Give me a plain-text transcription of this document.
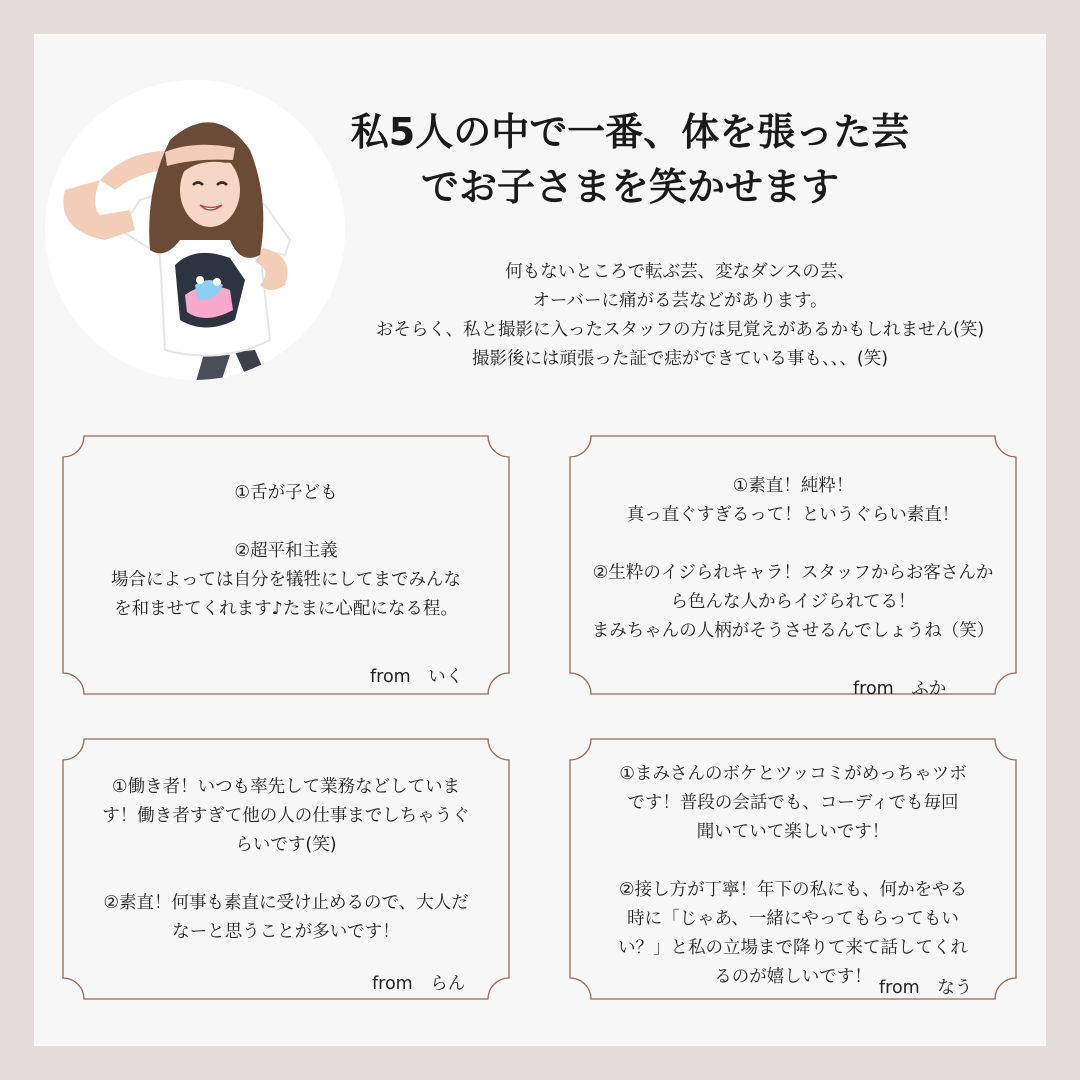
私5人の中で一番、体を張った芸
でお子さまを笑かせます
何もないところで転ぶ芸、変なダンスの芸、
オーバーに痛がる芸などがあります。
おそらく、私と撮影に入ったスタッフの方は見覚えがあるかもしれません(笑)
撮影後には頑張った証で痣ができている事も、、、(笑)
①舌が子ども
②超平和主義
場合によっては自分を犠牲にしてまでみんな
を和ませてくれます♪たまに心配になる程。
from　いく
①素直！純粋！
真っ直ぐすぎるって！というぐらい素直！
②生粋のイジられキャラ！スタッフからお客さんか
ら色んな人からイジられてる！
まみちゃんの人柄がそうさせるんでしょうね（笑）
from　ふか
①働き者！いつも率先して業務などしていま
す！働き者すぎて他の人の仕事までしちゃうぐ
らいです(笑)
②素直！何事も素直に受け止めるので、大人だ
なーと思うことが多いです！
from　らん
①まみさんのボケとツッコミがめっちゃツボ
です！普段の会話でも、コーディでも毎回
聞いていて楽しいです！
②接し方が丁寧！年下の私にも、何かをやる
時に「じゃあ、一緒にやってもらってもい
い？」と私の立場まで降りて来て話してくれ
るのが嬉しいです！
from　なう
